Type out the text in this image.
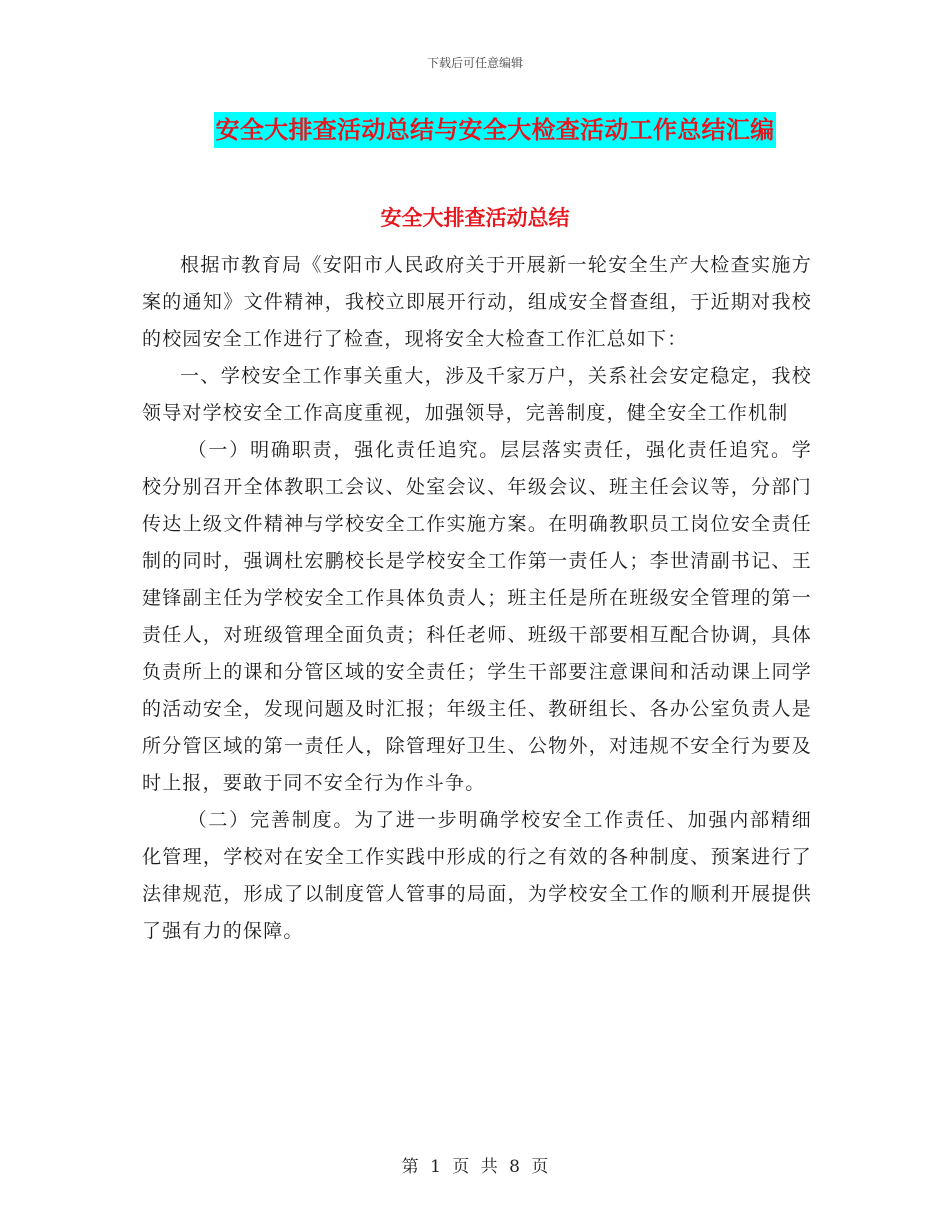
下载后可任意编辑
安全大排查活动总结与安全大检查活动工作总结汇编
安全大排查活动总结

根据市教育局《安阳市人民政府关于开展新一轮安全生产大检查实施方案的通知》文件精神，我校立即展开行动，组成安全督查组，于近期对我校的校园安全工作进行了检查，现将安全大检查工作汇总如下：

一、学校安全工作事关重大，涉及千家万户，关系社会安定稳定，我校领导对学校安全工作高度重视，加强领导，完善制度，健全安全工作机制

（一）明确职责，强化责任追究。层层落实责任，强化责任追究。学校分别召开全体教职工会议、处室会议、年级会议、班主任会议等，分部门传达上级文件精神与学校安全工作实施方案。在明确教职员工岗位安全责任制的同时，强调杜宏鹏校长是学校安全工作第一责任人；李世清副书记、王建锋副主任为学校安全工作具体负责人；班主任是所在班级安全管理的第一责任人，对班级管理全面负责；科任老师、班级干部要相互配合协调，具体负责所上的课和分管区域的安全责任；学生干部要注意课间和活动课上同学的活动安全，发现问题及时汇报；年级主任、教研组长、各办公室负责人是所分管区域的第一责任人，除管理好卫生、公物外，对违规不安全行为要及时上报，要敢于同不安全行为作斗争。

（二）完善制度。为了进一步明确学校安全工作责任、加强内部精细化管理，学校对在安全工作实践中形成的行之有效的各种制度、预案进行了法律规范，形成了以制度管人管事的局面，为学校安全工作的顺利开展提供了强有力的保障。

第 1 页 共 8 页
